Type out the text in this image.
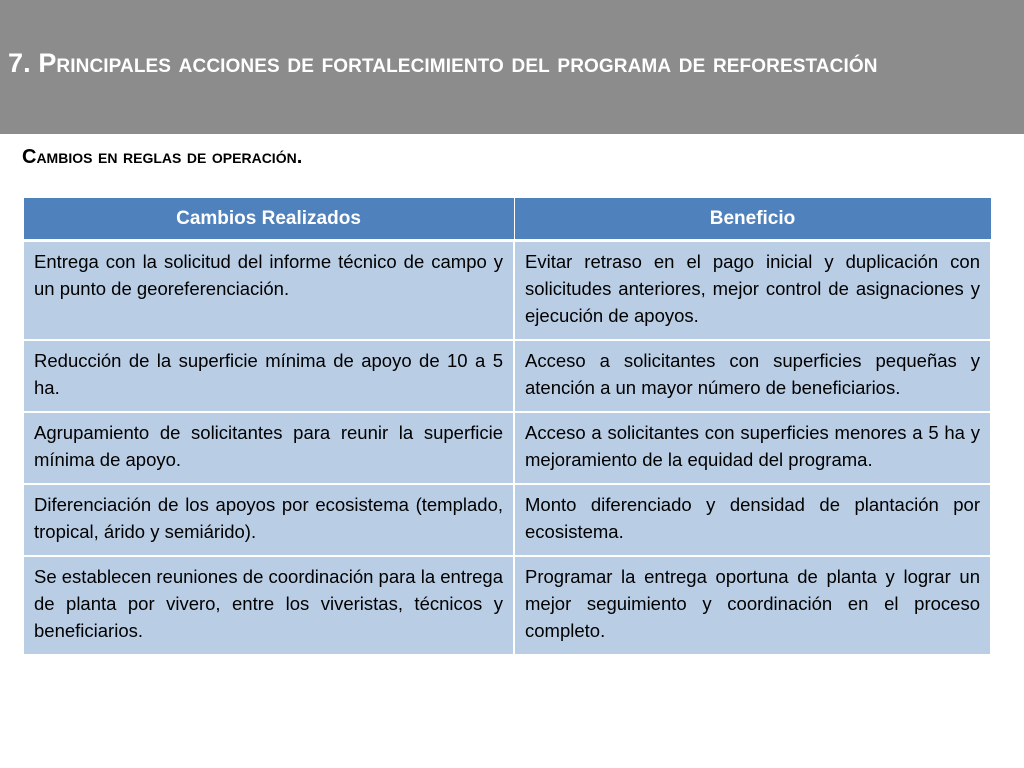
7. Principales acciones de fortalecimiento del programa de reforestación
Cambios en reglas de operación.
Cambios Realizados	Beneficio
Entrega con la solicitud del informe técnico de campo y un punto de georeferenciación.	Evitar retraso en el pago inicial y duplicación con solicitudes anteriores, mejor control de asignaciones y ejecución de apoyos.
Reducción de la superficie mínima de apoyo de 10 a 5 ha.	Acceso a solicitantes con superficies pequeñas y atención a un mayor número de beneficiarios.
Agrupamiento de solicitantes para reunir la superficie mínima de apoyo.	Acceso a solicitantes con superficies menores a 5 ha y mejoramiento de la equidad del programa.
Diferenciación de los apoyos por ecosistema (templado, tropical, árido y semiárido).	Monto diferenciado y densidad de plantación por ecosistema.
Se establecen reuniones de coordinación para la entrega de planta por vivero, entre los viveristas, técnicos y beneficiarios.	Programar la entrega oportuna de planta y lograr un mejor seguimiento y coordinación en el proceso completo.
